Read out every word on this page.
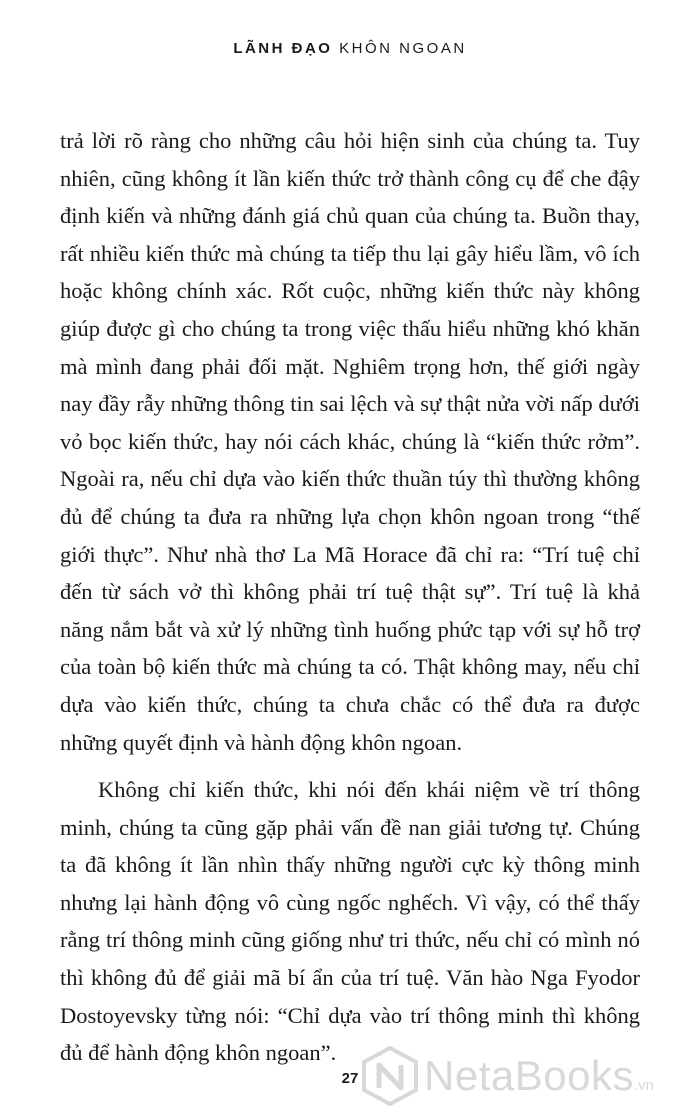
LÃNH ĐẠO KHÔN NGOAN

trả lời rõ ràng cho những câu hỏi hiện sinh của chúng ta. Tuy nhiên, cũng không ít lần kiến thức trở thành công cụ để che đậy định kiến và những đánh giá chủ quan của chúng ta. Buồn thay, rất nhiều kiến thức mà chúng ta tiếp thu lại gây hiểu lầm, vô ích hoặc không chính xác. Rốt cuộc, những kiến thức này không giúp được gì cho chúng ta trong việc thấu hiểu những khó khăn mà mình đang phải đối mặt. Nghiêm trọng hơn, thế giới ngày nay đầy rẫy những thông tin sai lệch và sự thật nửa vời nấp dưới vỏ bọc kiến thức, hay nói cách khác, chúng là “kiến thức rởm”. Ngoài ra, nếu chỉ dựa vào kiến thức thuần túy thì thường không đủ để chúng ta đưa ra những lựa chọn khôn ngoan trong “thế giới thực”. Như nhà thơ La Mã Horace đã chỉ ra: “Trí tuệ chỉ đến từ sách vở thì không phải trí tuệ thật sự”. Trí tuệ là khả năng nắm bắt và xử lý những tình huống phức tạp với sự hỗ trợ của toàn bộ kiến thức mà chúng ta có. Thật không may, nếu chỉ dựa vào kiến thức, chúng ta chưa chắc có thể đưa ra được những quyết định và hành động khôn ngoan.

Không chỉ kiến thức, khi nói đến khái niệm về trí thông minh, chúng ta cũng gặp phải vấn đề nan giải tương tự. Chúng ta đã không ít lần nhìn thấy những người cực kỳ thông minh nhưng lại hành động vô cùng ngốc nghếch. Vì vậy, có thể thấy rằng trí thông minh cũng giống như tri thức, nếu chỉ có mình nó thì không đủ để giải mã bí ẩn của trí tuệ. Văn hào Nga Fyodor Dostoyevsky từng nói: “Chỉ dựa vào trí thông minh thì không đủ để hành động khôn ngoan”.

27	NetaBooks .vn
